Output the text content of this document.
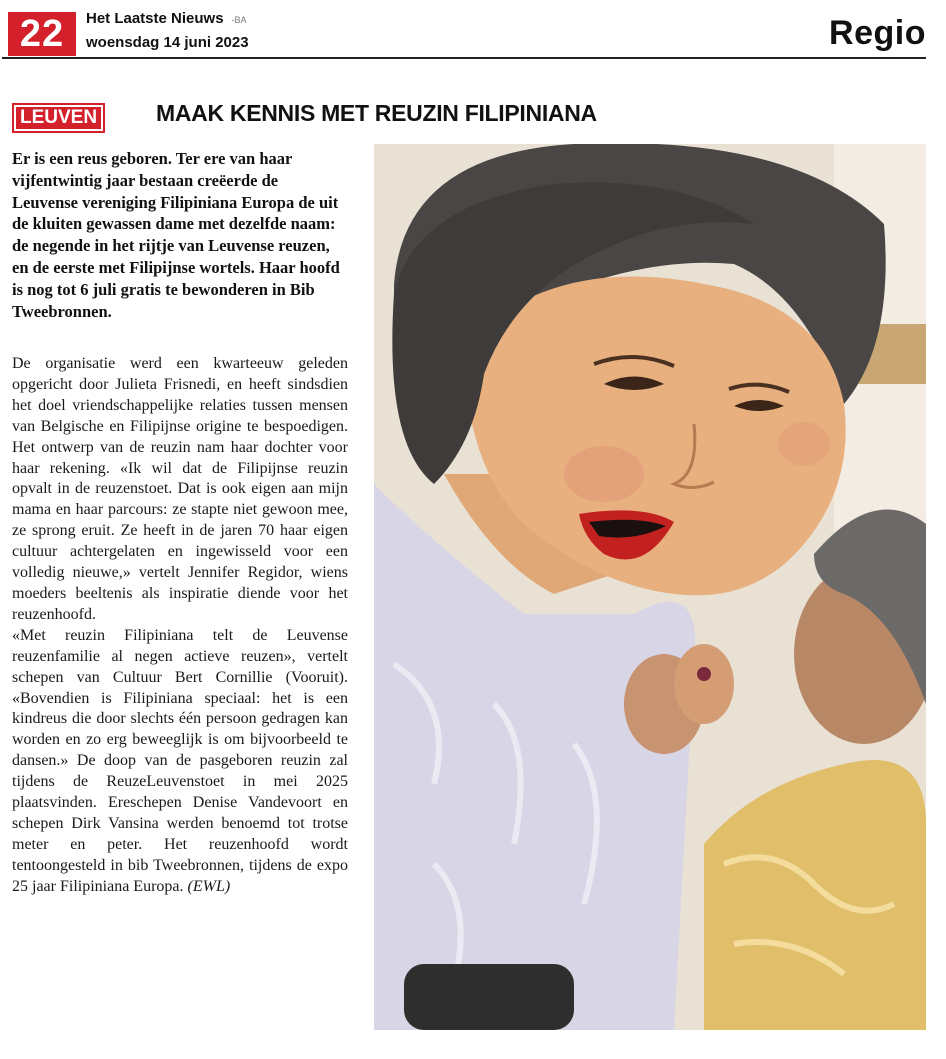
22	Het Laatste Nieuws -BA
woensdag 14 juni 2023	Regio
LEUVEN	MAAK KENNIS MET REUZIN FILIPINIANA
Er is een reus geboren. Ter ere van haar vijfentwintig jaar bestaan creëerde de Leuvense vereniging Filipiniana Europa de uit de kluiten gewassen dame met dezelfde naam: de negende in het rijtje van Leuvense reuzen, en de eerste met Filipijnse wortels. Haar hoofd is nog tot 6 juli gratis te bewonderen in Bib Tweebronnen.

De organisatie werd een kwarteeuw geleden opgericht door Julieta Frisnedi, en heeft sindsdien het doel vriendschappelijke relaties tussen mensen van Belgische en Filipijnse origine te bespoedigen. Het ontwerp van de reuzin nam haar dochter voor haar rekening. «Ik wil dat de Filipijnse reuzin opvalt in de reuzenstoet. Dat is ook eigen aan mijn mama en haar parcours: ze stapte niet gewoon mee, ze sprong eruit. Ze heeft in de jaren 70 haar eigen cultuur achtergelaten en ingewisseld voor een volledig nieuwe,» vertelt Jennifer Regidor, wiens moeders beeltenis als inspiratie diende voor het reuzenhoofd.

«Met reuzin Filipiniana telt de Leuvense reuzenfamilie al negen actieve reuzen», vertelt schepen van Cultuur Bert Cornillie (Vooruit). «Bovendien is Filipiniana speciaal: het is een kindreus die door slechts één persoon gedragen kan worden en zo erg beweeglijk is om bijvoorbeeld te dansen.» De doop van de pasgeboren reuzin zal tijdens de ReuzeLeuvenstoet in mei 2025 plaatsvinden. Ereschepen Denise Vandevoort en schepen Dirk Vansina werden benoemd tot trotse meter en peter. Het reuzenhoofd wordt tentoongesteld in bib Tweebronnen, tijdens de expo 25 jaar Filipiniana Europa. (EWL)
